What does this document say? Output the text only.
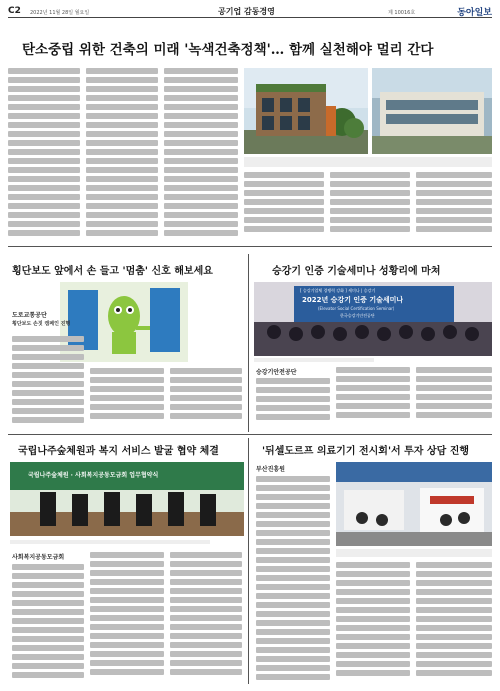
C2 2022년 11월 28일 월요일	공기업 감동경영	제 10016호	동아일보
탄소중립 위한 건축의 미래 '녹색건축정책'… 함께 실천해야 멀리 간다
횡단보도 앞에서 손 들고 '멈춤' 신호 해보세요
도로교통공단
횡단보도 손짓 캠페인 진행
승강기 인증 기술세미나 성황리에 마쳐
[ 승강기업체 경쟁력 강화 ] 세미나 | 승강기
2022년 승강기 인증 기술세미나
(Elevator Social Certification Seminar)
한국승강기안전공단
승강기안전공단
국립나주숲체원과 복지 서비스 발굴 협약 체결
국립나주숲체원 · 사회복지공동모금회 업무협약식
사회복지공동모금회
'뒤셀도르프 의료기기 전시회'서 투자 상담 진행
부산진흥원
